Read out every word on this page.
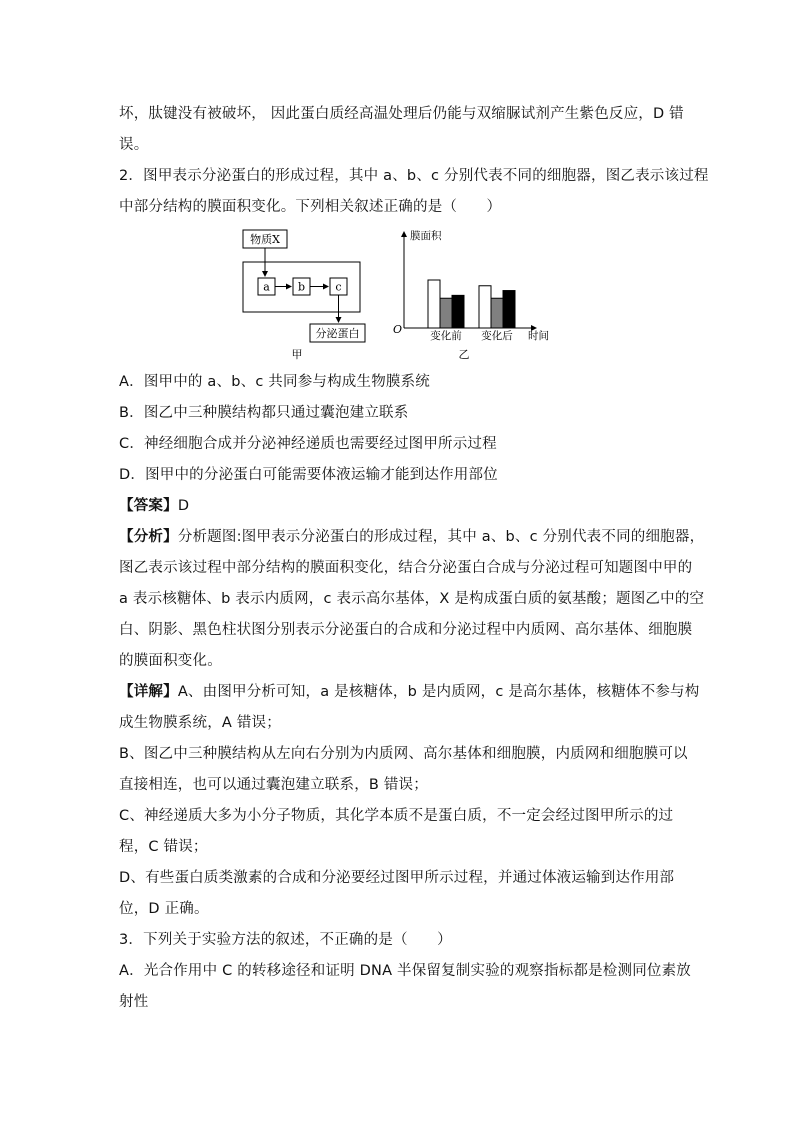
坏，肽键没有被破坏， 因此蛋白质经高温处理后仍能与双缩脲试剂产生紫色反应，D 错
误。
2．图甲表示分泌蛋白的形成过程，其中 a、b、c 分别代表不同的细胞器，图乙表示该过程
中部分结构的膜面积变化。下列相关叙述正确的是（　　）
物质X
a	b	c
分泌蛋白
甲
膜面积
O	时间
变化前 变化后
乙
A．图甲中的 a、b、c 共同参与构成生物膜系统
B．图乙中三种膜结构都只通过囊泡建立联系
C．神经细胞合成并分泌神经递质也需要经过图甲所示过程
D．图甲中的分泌蛋白可能需要体液运输才能到达作用部位
【答案】D
【分析】分析题图:图甲表示分泌蛋白的形成过程，其中 a、b、c 分别代表不同的细胞器，
图乙表示该过程中部分结构的膜面积变化，结合分泌蛋白合成与分泌过程可知题图中甲的
a 表示核糖体、b 表示内质网，c 表示高尔基体，X 是构成蛋白质的氨基酸；题图乙中的空
白、阴影、黑色柱状图分别表示分泌蛋白的合成和分泌过程中内质网、高尔基体、细胞膜
的膜面积变化。
【详解】A、由图甲分析可知，a 是核糖体，b 是内质网，c 是高尔基体，核糖体不参与构
成生物膜系统，A 错误；
B、图乙中三种膜结构从左向右分别为内质网、高尔基体和细胞膜，内质网和细胞膜可以
直接相连，也可以通过囊泡建立联系，B 错误；
C、神经递质大多为小分子物质，其化学本质不是蛋白质，不一定会经过图甲所示的过
程，C 错误；
D、有些蛋白质类激素的合成和分泌要经过图甲所示过程，并通过体液运输到达作用部
位，D 正确。
3．下列关于实验方法的叙述，不正确的是（　　）
A．光合作用中 C 的转移途径和证明 DNA 半保留复制实验的观察指标都是检测同位素放
射性
